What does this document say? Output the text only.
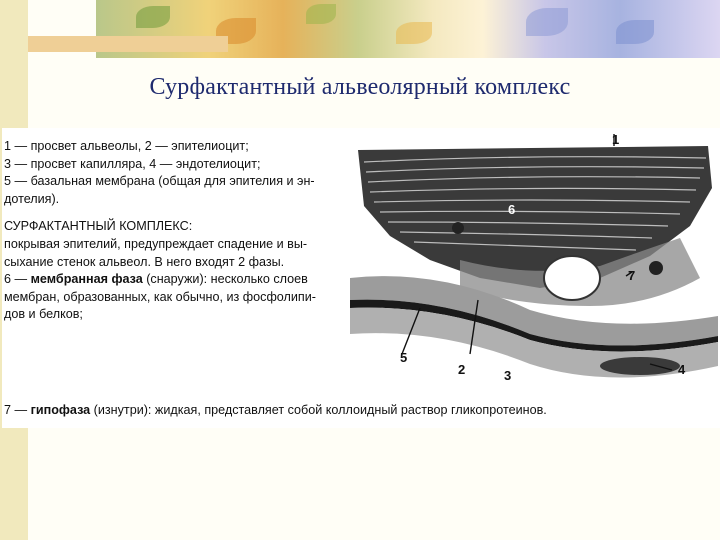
Сурфактантный альвеолярный комплекс
1 — просвет альвеолы, 2 — эпителиоцит;
3 — просвет капилляра, 4 — эндотелиоцит;
5 — базальная мембрана (общая для эпителия и эн-
дотелия).
СУРФАКТАНТНЫЙ КОМПЛЕКС:
покрывая эпителий, предупреждает спадение и вы-
сыхание стенок альвеол. В него входят 2 фазы.
6 — мембранная фаза (снаружи): несколько слоев
мембран, образованных, как обычно, из фосфолипи-
дов и белков;
7 — гипофаза (изнутри): жидкая, представляет собой коллоидный раствор гликопротеинов.
1
2	3	4
5
6
7
